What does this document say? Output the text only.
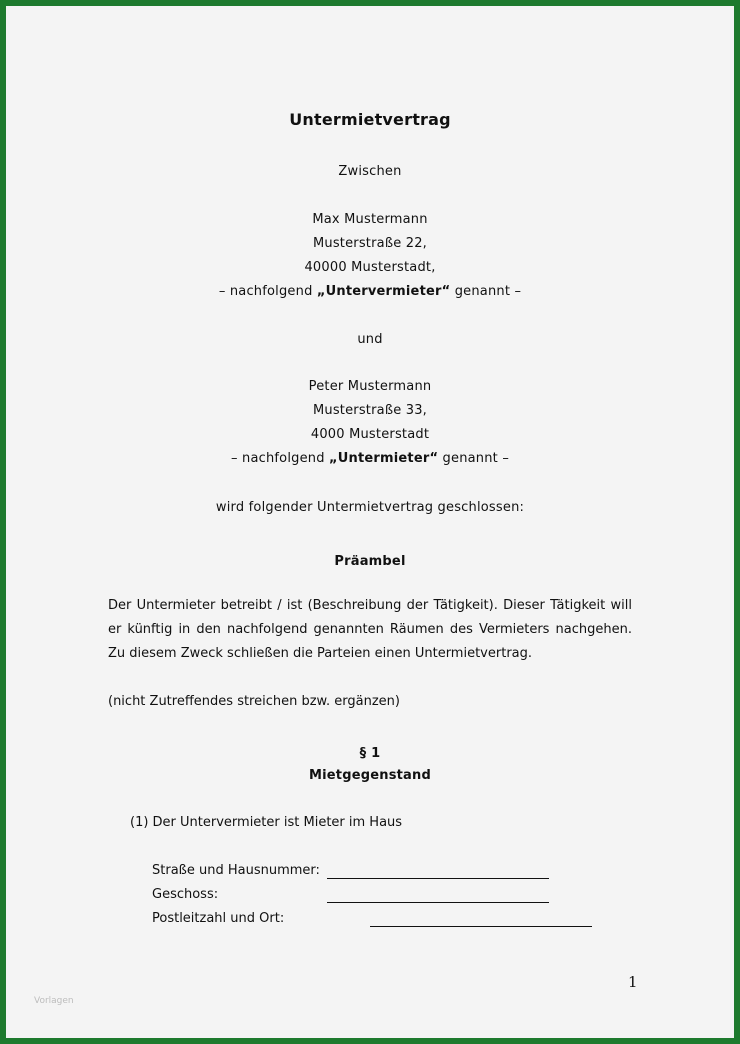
Untermietvertrag
Zwischen
Max Mustermann
Musterstraße 22,
40000 Musterstadt,
– nachfolgend „Untervermieter“ genannt –
und
Peter Mustermann
Musterstraße 33,
4000 Musterstadt
– nachfolgend „Untermieter“ genannt –
wird folgender Untermietvertrag geschlossen:
Präambel
Der Untermieter betreibt / ist (Beschreibung der Tätigkeit). Dieser Tätigkeit will er künftig in den nachfolgend genannten Räumen des Vermieters nachgehen. Zu diesem Zweck schließen die Parteien einen Untermietvertrag.
(nicht Zutreffendes streichen bzw. ergänzen)
§ 1
Mietgegenstand
(1) Der Untervermieter ist Mieter im Haus
Straße und Hausnummer:
Geschoss:
Postleitzahl und Ort:
1
Vorlagen
